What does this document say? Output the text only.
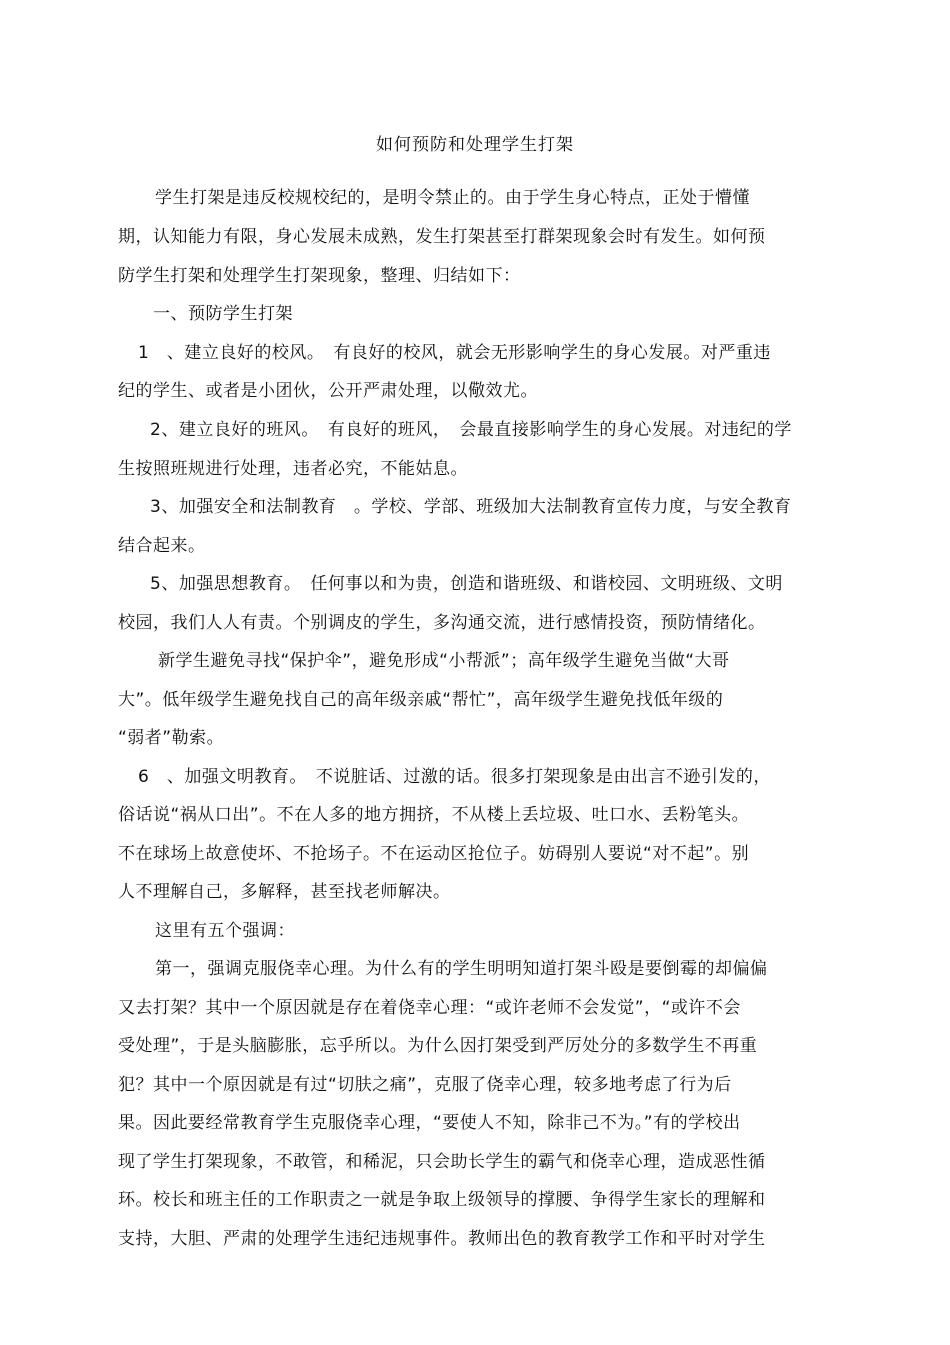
如何预防和处理学生打架
学生打架是违反校规校纪的，是明令禁止的。由于学生身心特点，正处于懵懂
期，认知能力有限，身心发展未成熟，发生打架甚至打群架现象会时有发生。如何预
防学生打架和处理学生打架现象，整理、归结如下：
一、预防学生打架
1　、建立良好的校风。　有良好的校风，就会无形影响学生的身心发展。对严重违
纪的学生、或者是小团伙，公开严肃处理，以儆效尤。
2、建立良好的班风。　有良好的班风，　会最直接影响学生的身心发展。对违纪的学
生按照班规进行处理，违者必究，不能姑息。
3、加强安全和法制教育　。学校、学部、班级加大法制教育宣传力度，与安全教育
结合起来。
5、加强思想教育。　任何事以和为贵，创造和谐班级、和谐校园、文明班级、文明
校园，我们人人有责。个别调皮的学生，多沟通交流，进行感情投资，预防情绪化。
新学生避免寻找“保护伞”，避免形成“小帮派”；高年级学生避免当做“大哥
大”。低年级学生避免找自己的高年级亲戚“帮忙”，高年级学生避免找低年级的
“弱者”勒索。
6　、加强文明教育。　不说脏话、过激的话。很多打架现象是由出言不逊引发的，
俗话说“祸从口出”。不在人多的地方拥挤，不从楼上丢垃圾、吐口水、丢粉笔头。
不在球场上故意使坏、不抢场子。不在运动区抢位子。妨碍别人要说“对不起”。别
人不理解自己，多解释，甚至找老师解决。
这里有五个强调：
第一，强调克服侥幸心理。为什么有的学生明明知道打架斗殴是要倒霉的却偏偏
又去打架？其中一个原因就是存在着侥幸心理：“或许老师不会发觉”，“或许不会
受处理”，于是头脑膨胀，忘乎所以。为什么因打架受到严厉处分的多数学生不再重
犯？其中一个原因就是有过“切肤之痛”，克服了侥幸心理，较多地考虑了行为后
果。因此要经常教育学生克服侥幸心理，“要使人不知，除非己不为。”有的学校出
现了学生打架现象，不敢管，和稀泥，只会助长学生的霸气和侥幸心理，造成恶性循
环。校长和班主任的工作职责之一就是争取上级领导的撑腰、争得学生家长的理解和
支持，大胆、严肃的处理学生违纪违规事件。教师出色的教育教学工作和平时对学生
